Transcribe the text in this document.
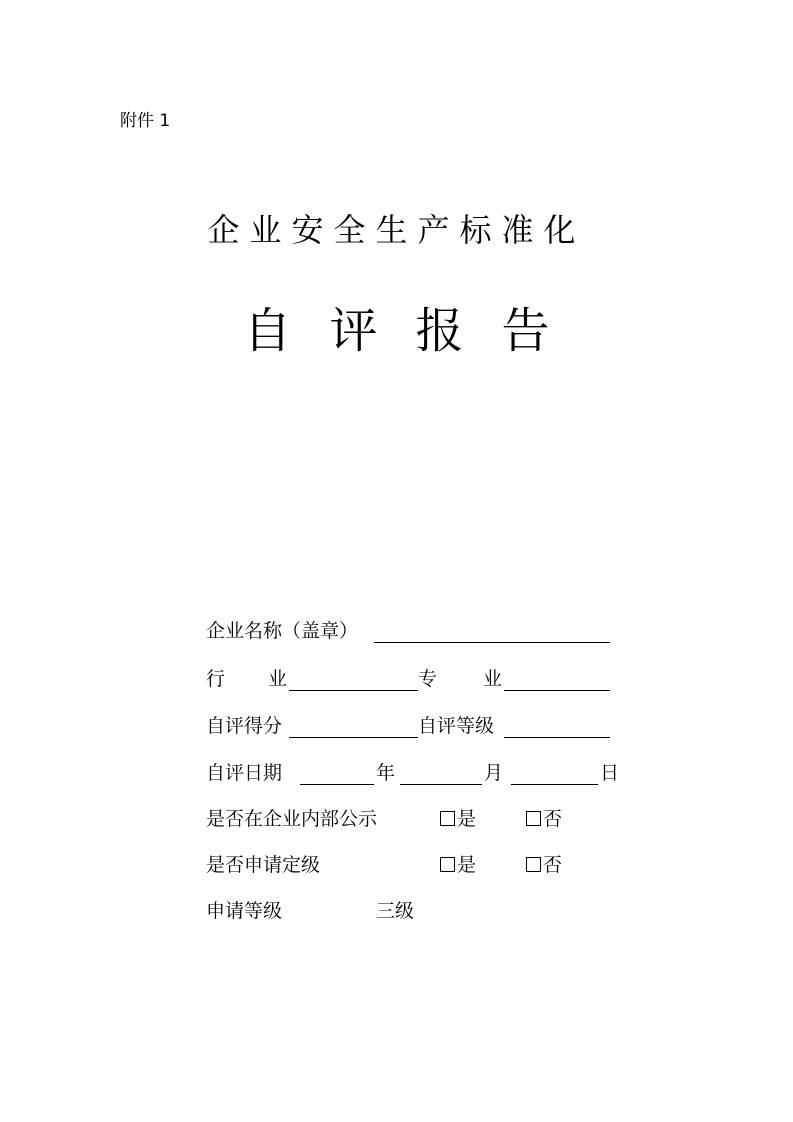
附件 1
企业安全生产标准化
自评报告
企业名称（盖章）
行 业	专 业
自评得分	自评等级
自评日期	年	月	日
是否在企业内部公示	是	否
是否申请定级	是	否
申请等级	三级
